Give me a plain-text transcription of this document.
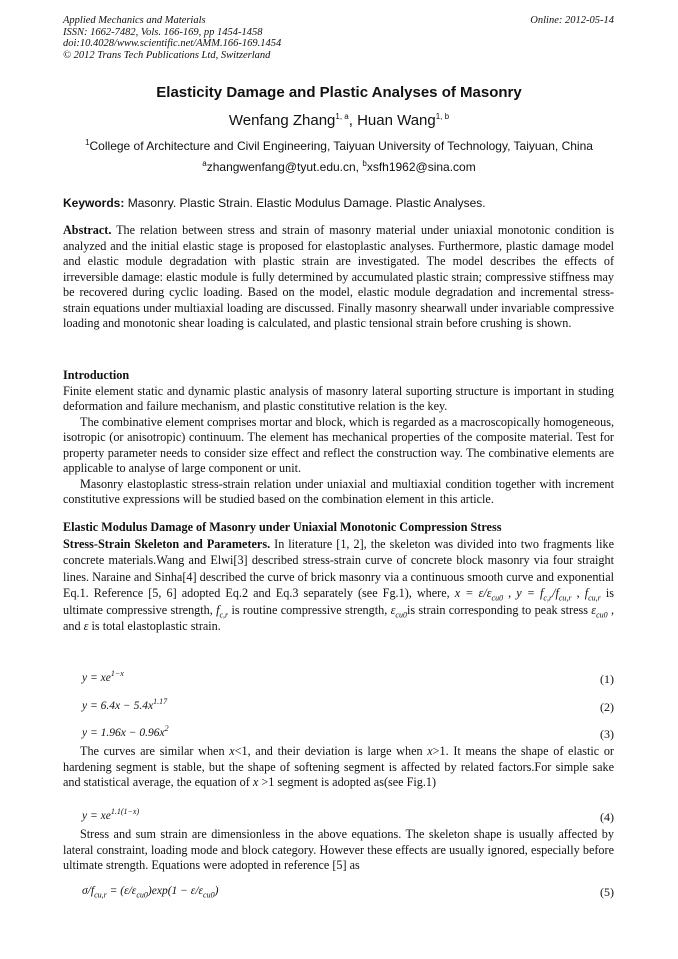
Applied Mechanics and Materials
ISSN: 1662-7482, Vols. 166-169, pp 1454-1458
doi:10.4028/www.scientific.net/AMM.166-169.1454
© 2012 Trans Tech Publications Ltd, Switzerland
Online: 2012-05-14
Elasticity Damage and Plastic Analyses of Masonry
Wenfang Zhang$^{1, a}$, Huan Wang$^{1, b}$
$^1$College of Architecture and Civil Engineering, Taiyuan University of Technology, Taiyuan, China
$^a$zhangwenfang@tyut.edu.cn, $^b$xsfh1962@sina.com
Keywords: Masonry. Plastic Strain. Elastic Modulus Damage. Plastic Analyses.
Abstract. The relation between stress and strain of masonry material under uniaxial monotonic condition is analyzed and the initial elastic stage is proposed for elastoplastic analyses. Furthermore, plastic damage model and elastic module degradation with plastic strain are investigated. The model describes the effects of irreversible damage: elastic module is fully determined by accumulated plastic strain; compressive stiffness may be recovered during cyclic loading. Based on the model, elastic module degradation and incremental stress-strain equations under multiaxial loading are discussed. Finally masonry shearwall under invariable compressive loading and monotonic shear loading is calculated, and plastic tensional strain before crushing is shown.
Introduction
Finite element static and dynamic plastic analysis of masonry lateral suporting structure is important in studing deformation and failure mechanism, and plastic constitutive relation is the key.
The combinative element comprises mortar and block, which is regarded as a macroscopically homogeneous, isotropic (or anisotropic) continuum. The element has mechanical properties of the composite material. Test for property parameter needs to consider size effect and reflect the construction way. The combinative elements are applicable to analyse of large component or unit.
Masonry elastoplastic stress-strain relation under uniaxial and multiaxial condition together with increment constitutive expressions will be studied based on the combination element in this article.
Elastic Modulus Damage of Masonry under Uniaxial Monotonic Compression Stress
Stress-Strain Skeleton and Parameters. In literature [1, 2], the skeleton was divided into two fragments like concrete materials.Wang and Elwi[3] described stress-strain curve of concrete block masonry via four straight lines. Naraine and Sinha[4] described the curve of brick masonry via a continuous smooth curve and exponential Eq.1. Reference [5, 6] adopted Eq.2 and Eq.3 separately (see Fg.1), where, $x = \varepsilon/\varepsilon_{cu0}$ , $y = f_{c,r}/f_{cu,r}$ , $f_{cu,r}$ is ultimate compressive strength, $f_{c,r}$ is routine compressive strength, $\varepsilon_{cu0}is$ strain corresponding to peak stress $\varepsilon_{cu0}$ , and ε is total elastoplastic strain.
$y = xe^{1-x}$	(1)
$y = 6.4x - 5.4x^{1.17}$	(2)
$y = 1.96x - 0.96x^2$	(3)
The curves are similar when x<1, and their deviation is large when x>1. It means the shape of elastic or hardening segment is stable, but the shape of softening segment is affected by related factors.For simple sake and statistical average, the equation of x >1 segment is adopted as(see Fig.1)
$y = xe^{1.1(1-x)}$	(4)
Stress and sum strain are dimensionless in the above equations. The skeleton shape is usually affected by lateral constraint, loading mode and block category. However these effects are usually ignored, especially before ultimate strength. Equations were adopted in reference [5] as
$\sigma/f_{cu,r} = (\varepsilon/\varepsilon_{cu0})\exp(1 - \varepsilon/\varepsilon_{cu0})$	(5)
